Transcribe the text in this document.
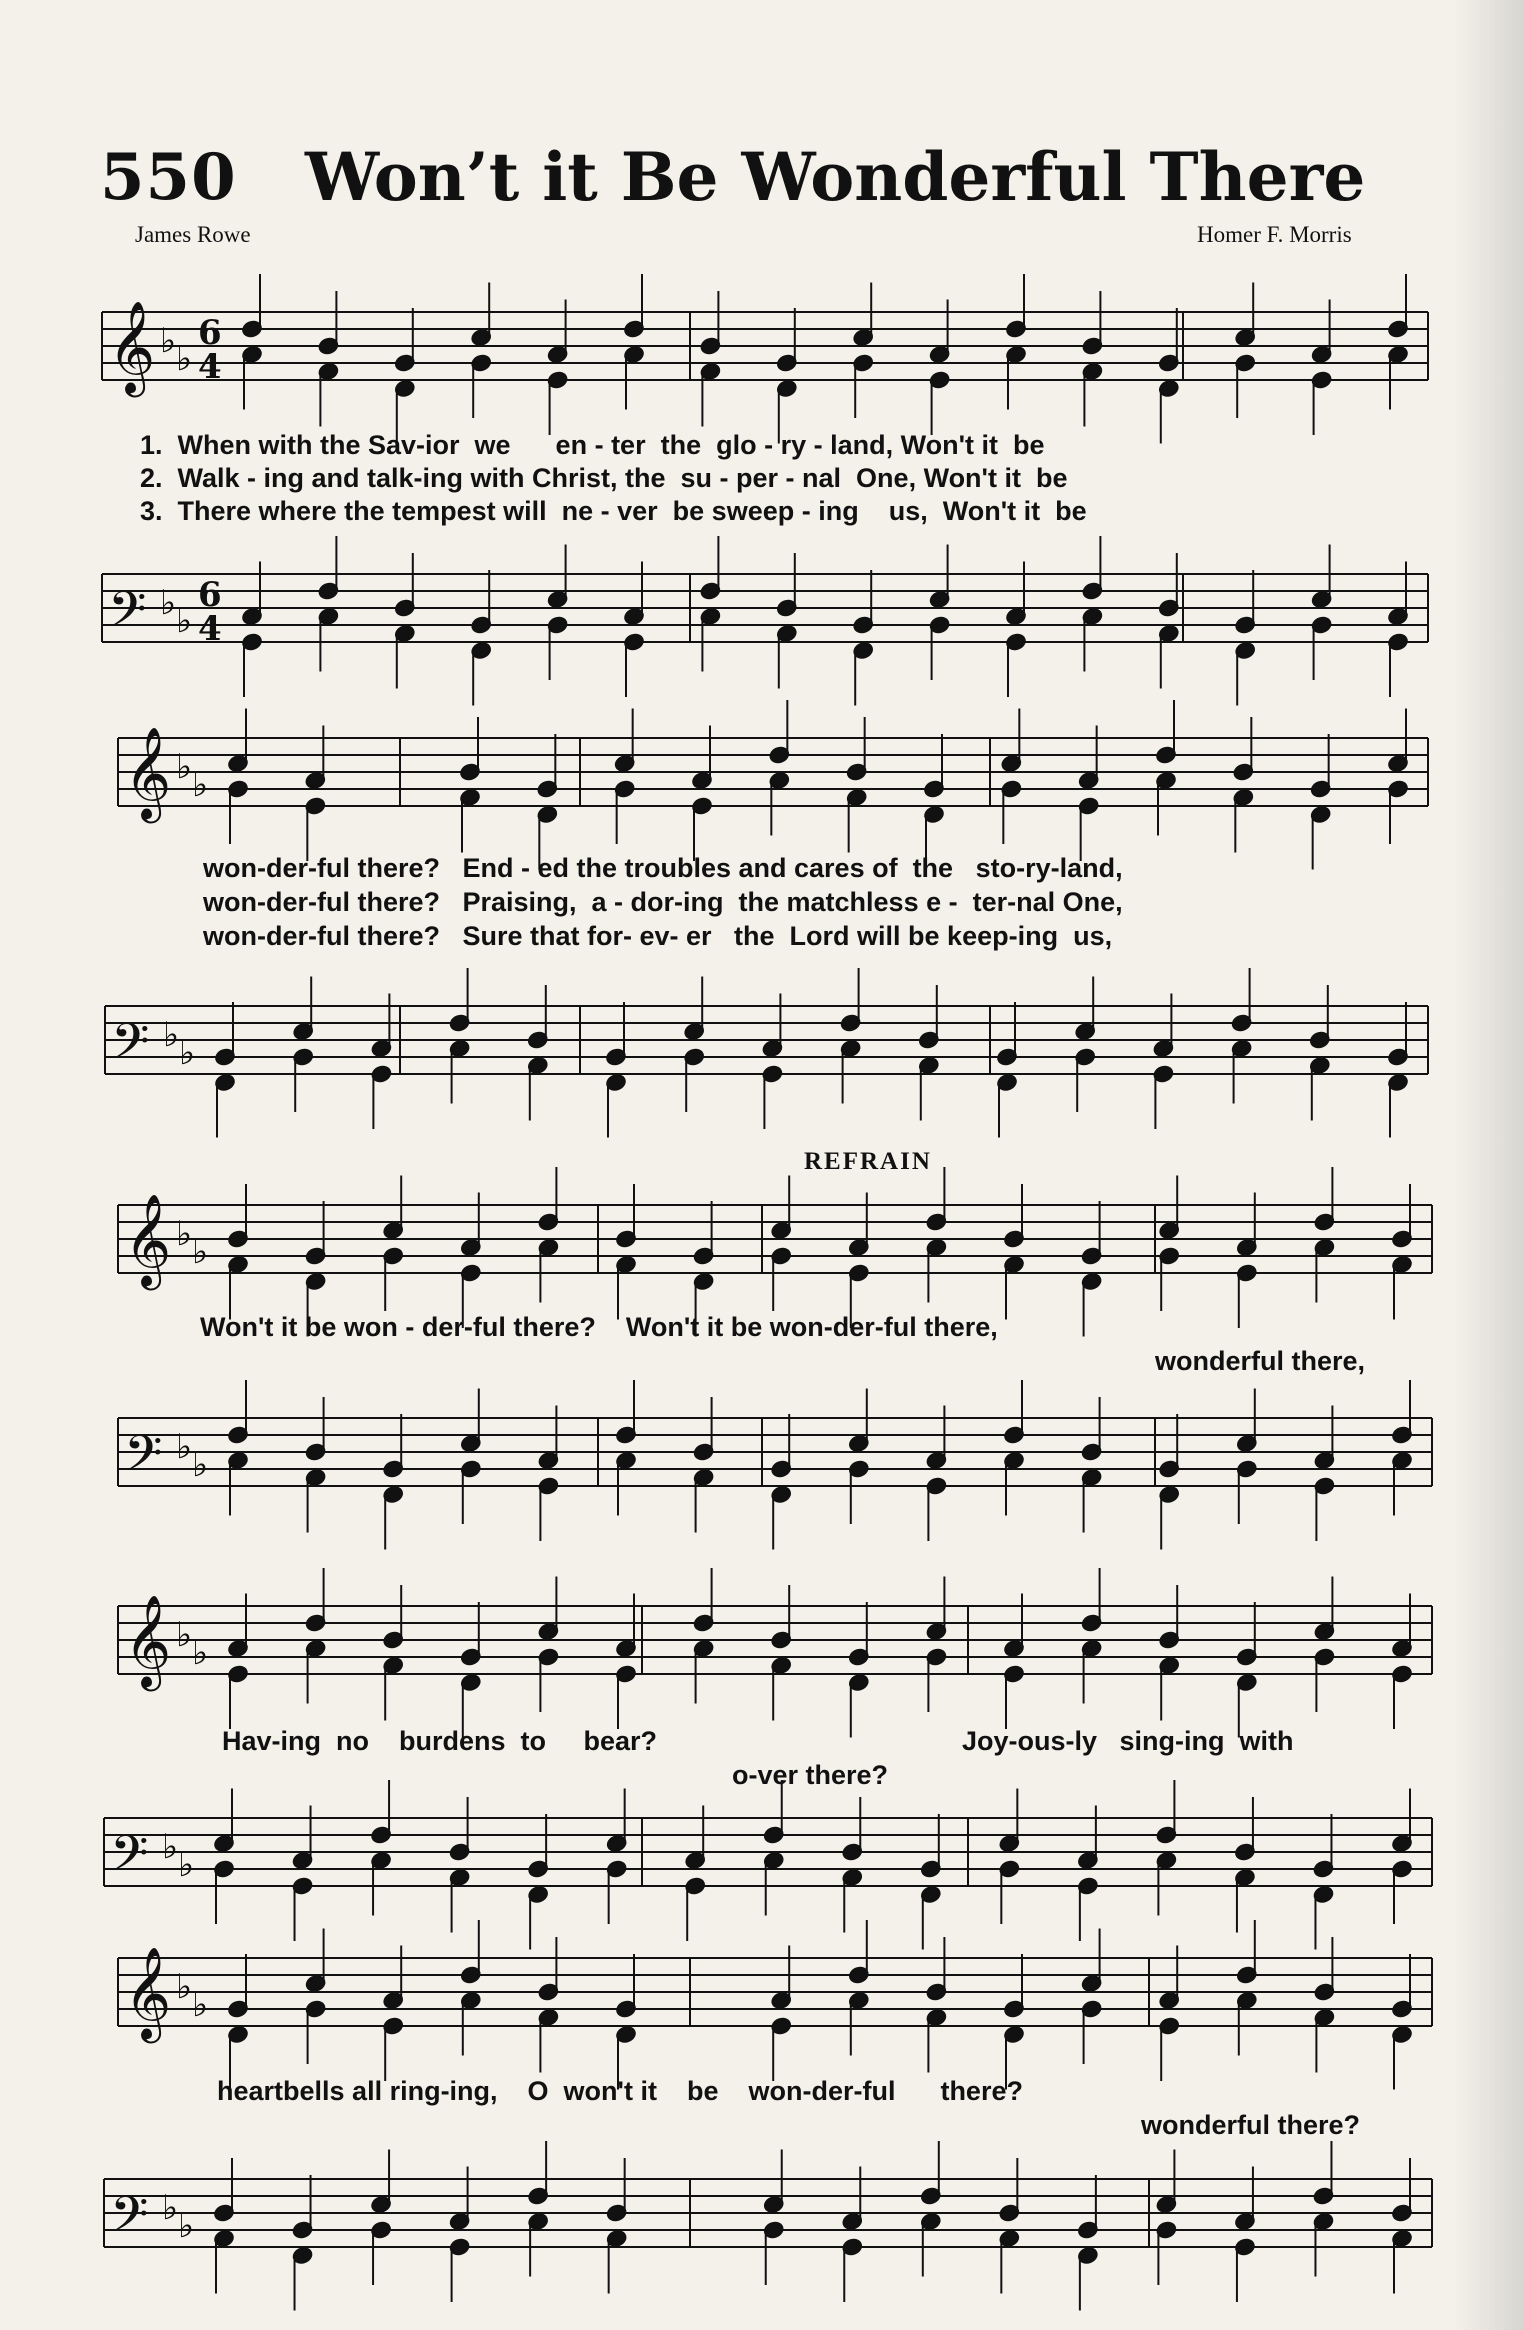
550 Won’t it Be Wonderful There
James Rowe	Homer F. Morris
𝄞 ♭ ♭
6
4
𝄢 ♭ ♭
6
4
𝄞 ♭ ♭
𝄢 ♭ ♭
𝄞 ♭ ♭
𝄢 ♭ ♭
𝄞 ♭ ♭
𝄢 ♭ ♭
𝄞 ♭ ♭
𝄢 ♭ ♭
1.  When with the Sav-ior  we      en - ter  the  glo - ry - land, Won't it  be
2.  Walk - ing and talk-ing with Christ, the  su - per - nal  One, Won't it  be
3.  There where the tempest will  ne - ver  be sweep - ing    us,  Won't it  be
won-der-ful there?   End - ed the troubles and cares of  the   sto-ry-land,
won-der-ful there?   Praising,  a - dor-ing  the matchless e -  ter-nal One,
won-der-ful there?   Sure that for- ev- er   the  Lord will be keep-ing  us,
REFRAIN
Won't it be won - der-ful there?    Won't it be won-der-ful there,
wonderful there,
Hav-ing  no    burdens  to     bear?
o-ver there?
Joy-ous-ly   sing-ing  with
heartbells all ring-ing,    O  won't it    be    won-der-ful      there?
wonderful there?
